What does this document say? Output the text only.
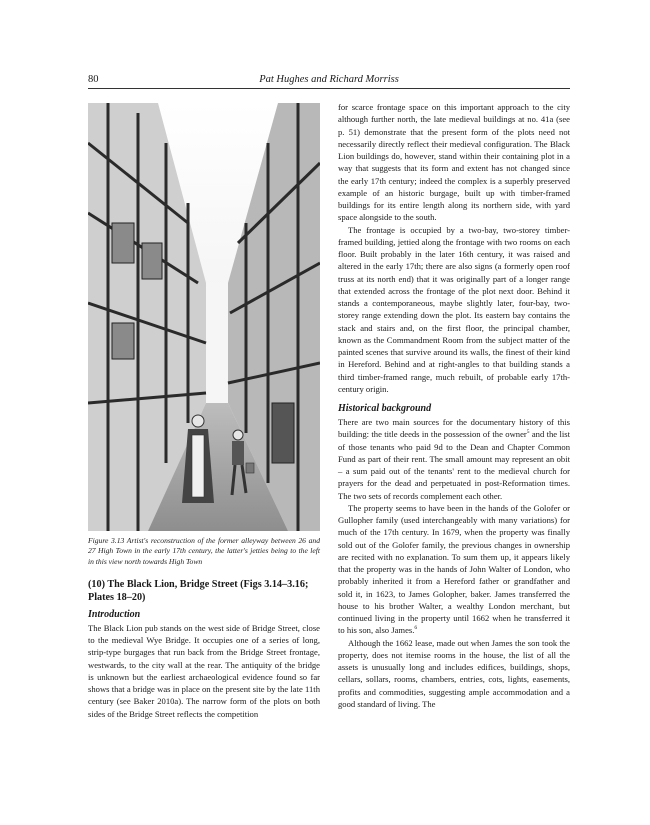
80	Pat Hughes and Richard Morriss

Figure 3.13 Artist's reconstruction of the former alleyway between 26 and 27 High Town in the early 17th century, the latter's jetties being to the left in this view north towards High Town

(10) The Black Lion, Bridge Street (Figs 3.14–3.16; Plates 18–20)
Introduction

The Black Lion pub stands on the west side of Bridge Street, close to the medieval Wye Bridge. It occupies one of a series of long, strip-type burgages that run back from the Bridge Street frontage, westwards, to the city wall at the rear. The antiquity of the bridge is unknown but the earliest archaeological evidence found so far shows that a bridge was in place on the present site by the late 11th century (see Baker 2010a). The narrow form of the plots on both sides of the Bridge Street reflects the competition

for scarce frontage space on this important approach to the city although further north, the late medieval buildings at no. 41a (see p. 51) demonstrate that the present form of the plots need not necessarily directly reflect their medieval configuration. The Black Lion buildings do, however, stand within their containing plot in a way that suggests that its form and extent has not changed since the early 17th century; indeed the complex is a superbly preserved example of an historic burgage, built up with timber-framed buildings for its entire length along its northern side, with yard space alongside to the south.

The frontage is occupied by a two-bay, two-storey timber-framed building, jettied along the frontage with two rooms on each floor. Built probably in the later 16th century, it was raised and altered in the early 17th; there are also signs (a formerly open roof truss at its north end) that it was originally part of a longer range that extended across the frontage of the plot next door. Behind it stands a contemporaneous, maybe slightly later, four-bay, two-storey range extending down the plot. Its eastern bay contains the stack and stairs and, on the first floor, the principal chamber, known as the Commandment Room from the subject matter of the painted scenes that survive around its walls, the finest of their kind in Hereford. Behind and at right-angles to that building stands a third timber-framed range, much rebuilt, of probable early 17th-century origin.

Historical background

There are two main sources for the documentary history of this building: the title deeds in the possession of the owner$^5$ and the list of those tenants who paid 9d to the Dean and Chapter Common Fund as part of their rent. The small amount may represent an obit – a sum paid out of the tenants' rent to the medieval church for prayers for the dead and perpetuated in post-Reformation times. The two sets of records complement each other.

The property seems to have been in the hands of the Golofer or Gullopher family (used interchangeably with many variations) for much of the 17th century. In 1679, when the property was finally sold out of the Golofer family, the previous changes in ownership are recited with no explanation. To sum them up, it appears likely that the property was in the hands of John Walter of London, who probably inherited it from a Hereford father or grandfather and sold it, in 1623, to James Golopher, baker. James transferred the house to his brother Walter, a wealthy London merchant, but continued living in the property until 1662 when he transferred it to his son, also James.$^6$

Although the 1662 lease, made out when James the son took the property, does not itemise rooms in the house, the list of all the assets is unusually long and includes edifices, buildings, shops, cellars, sollars, rooms, chambers, entries, cots, lights, easements, profits and commodities, suggesting ample accommodation and a good standard of living. The
